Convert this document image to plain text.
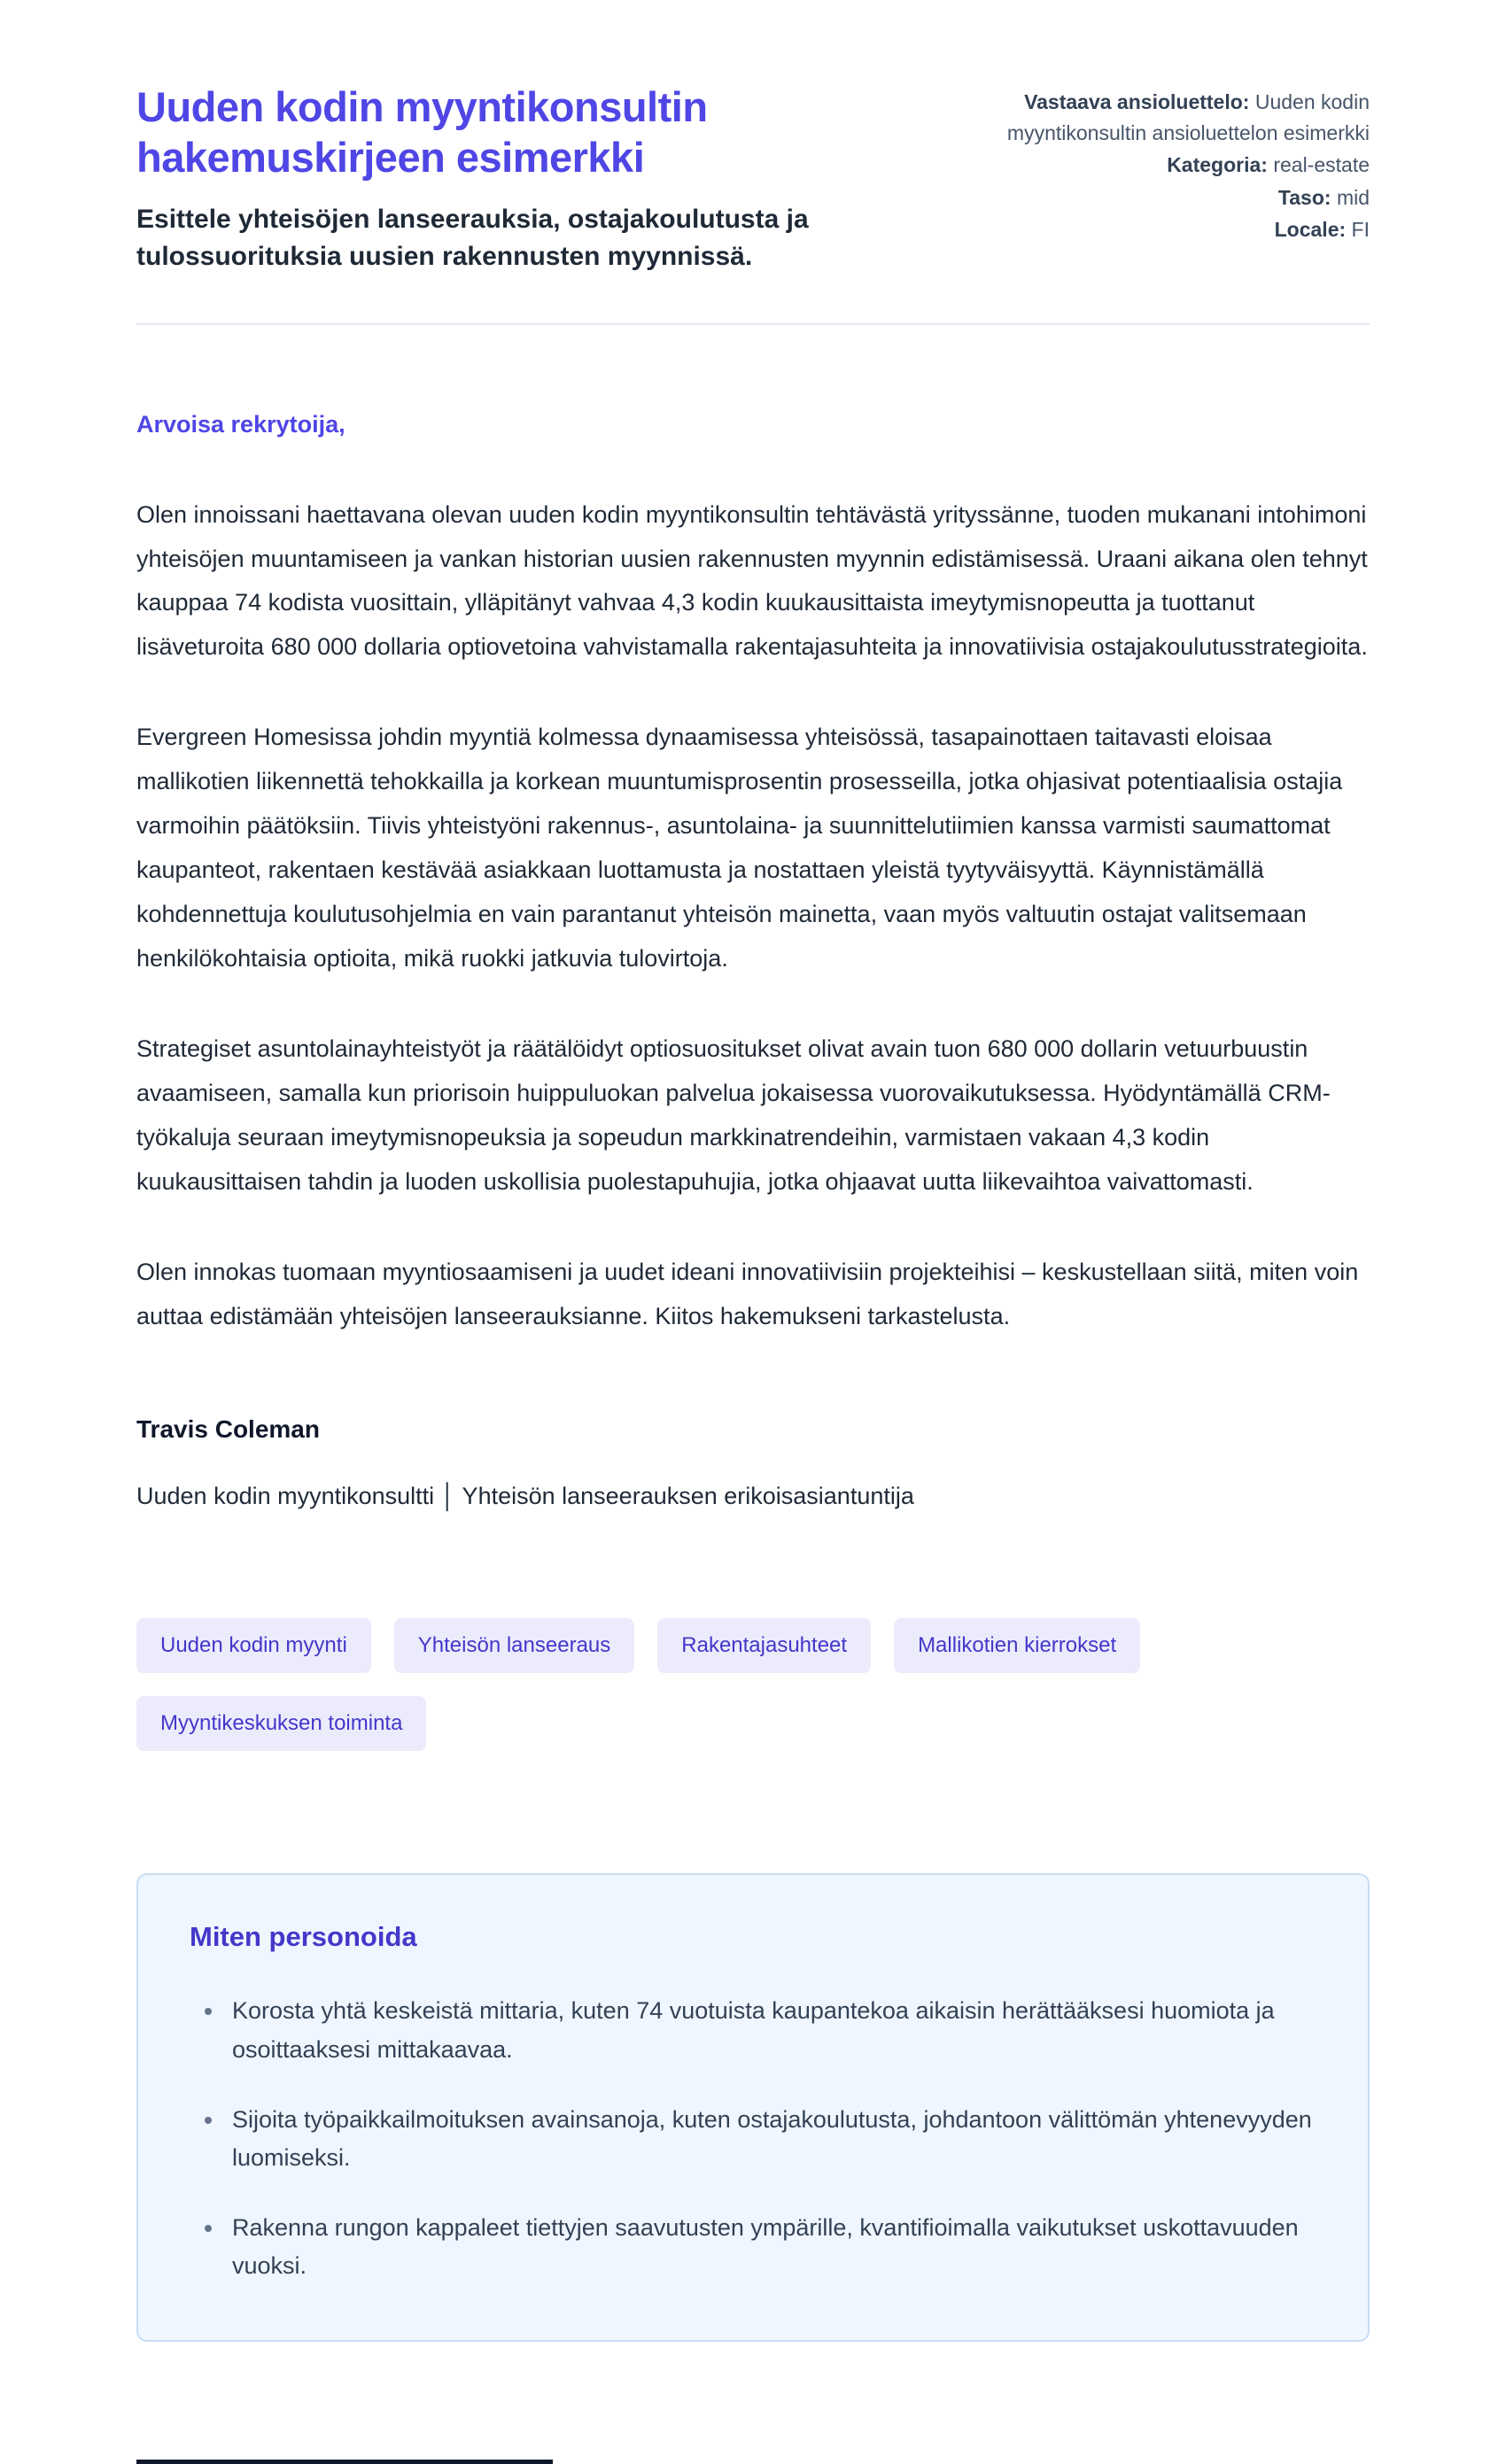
Uuden kodin myyntikonsultin hakemuskirjeen esimerkki

Esittele yhteisöjen lanseerauksia, ostajakoulutusta ja tulossuorituksia uusien rakennusten myynnissä.

Vastaava ansioluettelo: Uuden kodin myyntikonsultin ansioluettelon esimerkki
Kategoria: real-estate
Taso: mid
Locale: FI

Arvoisa rekrytoija,

Olen innoissani haettavana olevan uuden kodin myyntikonsultin tehtävästä yrityssänne, tuoden mukanani intohimoni yhteisöjen muuntamiseen ja vankan historian uusien rakennusten myynnin edistämisessä. Uraani aikana olen tehnyt kauppaa 74 kodista vuosittain, ylläpitänyt vahvaa 4,3 kodin kuukausittaista imeytymisnopeutta ja tuottanut lisäveturoita 680 000 dollaria optiovetoina vahvistamalla rakentajasuhteita ja innovatiivisia ostajakoulutusstrategioita.

Evergreen Homesissa johdin myyntiä kolmessa dynaamisessa yhteisössä, tasapainottaen taitavasti eloisaa mallikotien liikennettä tehokkailla ja korkean muuntumisprosentin prosesseilla, jotka ohjasivat potentiaalisia ostajia varmoihin päätöksiin. Tiivis yhteistyöni rakennus-, asuntolaina- ja suunnittelutiimien kanssa varmisti saumattomat kaupanteot, rakentaen kestävää asiakkaan luottamusta ja nostattaen yleistä tyytyväisyyttä. Käynnistämällä kohdennettuja koulutusohjelmia en vain parantanut yhteisön mainetta, vaan myös valtuutin ostajat valitsemaan henkilökohtaisia optioita, mikä ruokki jatkuvia tulovirtoja.

Strategiset asuntolainayhteistyöt ja räätälöidyt optiosuositukset olivat avain tuon 680 000 dollarin vetuurbuustin avaamiseen, samalla kun priorisoin huippuluokan palvelua jokaisessa vuorovaikutuksessa. Hyödyntämällä CRM-työkaluja seuraan imeytymisnopeuksia ja sopeudun markkinatrendeihin, varmistaen vakaan 4,3 kodin kuukausittaisen tahdin ja luoden uskollisia puolestapuhujia, jotka ohjaavat uutta liikevaihtoa vaivattomasti.

Olen innokas tuomaan myyntiosaamiseni ja uudet ideani innovatiivisiin projekteihisi – keskustellaan siitä, miten voin auttaa edistämään yhteisöjen lanseerauksianne. Kiitos hakemukseni tarkastelusta.

Travis Coleman

Uuden kodin myyntikonsultti │ Yhteisön lanseerauksen erikoisasiantuntija

Uuden kodin myynti	Yhteisön lanseeraus	Rakentajasuhteet	Mallikotien kierrokset
Myyntikeskuksen toiminta
Miten personoida
• Korosta yhtä keskeistä mittaria, kuten 74 vuotuista kaupantekoa aikaisin herättääksesi huomiota ja osoittaaksesi mittakaavaa.
• Sijoita työpaikkailmoituksen avainsanoja, kuten ostajakoulutusta, johdantoon välittömän yhtenevyyden luomiseksi.
• Rakenna rungon kappaleet tiettyjen saavutusten ympärille, kvantifioimalla vaikutukset uskottavuuden vuoksi.
